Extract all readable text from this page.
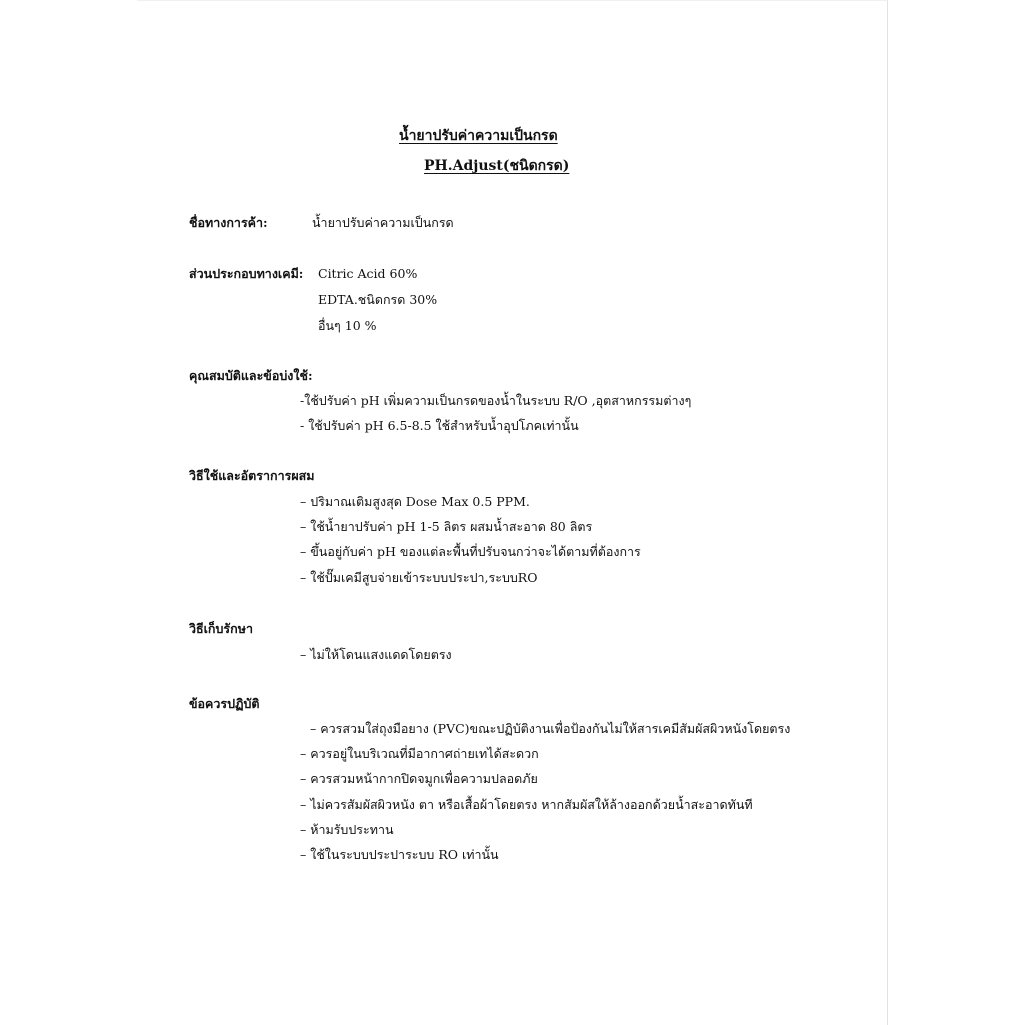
น้ำยาปรับค่าความเป็นกรด
PH.Adjust(ชนิดกรด)
ชื่อทางการค้า:	น้ำยาปรับค่าความเป็นกรด
ส่วนประกอบทางเคมี: Citric Acid 60%
EDTA.ชนิดกรด 30%
อื่นๆ 10 %
คุณสมบัติและข้อบ่งใช้:
-ใช้ปรับค่า pH เพิ่มความเป็นกรดของน้ำในระบบ R/O ,อุตสาหกรรมต่างๆ
- ใช้ปรับค่า pH 6.5-8.5 ใช้สำหรับน้ำอุปโภคเท่านั้น
วิธีใช้และอัตราการผสม
– ปริมาณเติมสูงสุด Dose Max 0.5 PPM.
– ใช้น้ำยาปรับค่า pH 1-5 ลิตร ผสมน้ำสะอาด 80 ลิตร
– ขึ้นอยู่กับค่า pH ของแต่ละพื้นที่ปรับจนกว่าจะได้ตามที่ต้องการ
– ใช้ปั๊มเคมีสูบจ่ายเข้าระบบประปา,ระบบRO
วิธีเก็บรักษา
– ไม่ให้โดนแสงแดดโดยตรง
ข้อควรปฏิบัติ
– ควรสวมใส่ถุงมือยาง (PVC)ขณะปฏิบัติงานเพื่อป้องกันไม่ให้สารเคมีสัมผัสผิวหนังโดยตรง
– ควรอยู่ในบริเวณที่มีอากาศถ่ายเทได้สะดวก
– ควรสวมหน้ากากปิดจมูกเพื่อความปลอดภัย
– ไม่ควรสัมผัสผิวหนัง ตา หรือเสื้อผ้าโดยตรง หากสัมผัสให้ล้างออกด้วยน้ำสะอาดทันที
– ห้ามรับประทาน
– ใช้ในระบบประปาระบบ RO เท่านั้น
